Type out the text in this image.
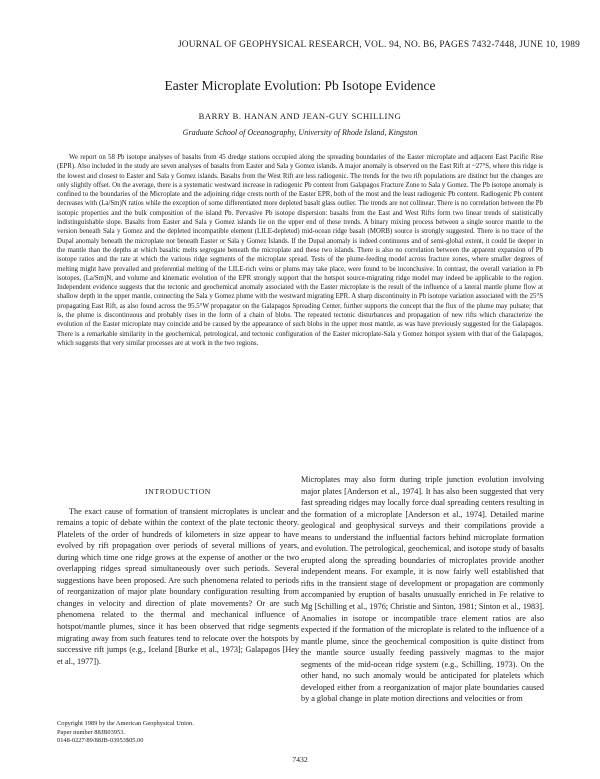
JOURNAL OF GEOPHYSICAL RESEARCH, VOL. 94, NO. B6, PAGES 7432-7448, JUNE 10, 1989
Easter Microplate Evolution: Pb Isotope Evidence
BARRY B. HANAN AND JEAN-GUY SCHILLING
Graduate School of Oceanography, University of Rhode Island, Kingston

We report on 58 Pb isotope analyses of basalts from 45 dredge stations occupied along the spreading boundaries of the Easter microplate and adjacent East Pacific Rise (EPR). Also included in the study are seven analyses of basalts from Easter and Sala y Gomez islands. A major anomaly is observed on the East Rift at ~27°S, where this ridge is the lowest and closest to Easter and Sala y Gomez islands. Basalts from the West Rift are less radiogenic. The trends for the two rift populations are distinct but the changes are only slightly offset. On the average, there is a systematic westward increase in radiogenic Pb content from Galapagos Fracture Zone to Sala y Gomez. The Pb isotope anomaly is confined to the boundaries of the Microplate and the adjoining ridge crests north of the Easter EPR, both of the most and the least radiogenic Pb content. Radiogenic Pb content decreases with (La/Sm)N ratios while the exception of some differentiated more depleted basalt glass outlier. The trends are not collinear. There is no correlation between the Pb isotopic properties and the bulk composition of the island Pb. Pervasive Pb isotope dispersion: basalts from the East and West Rifts form two linear trends of statistically indistinguishable slope. Basalts from Easter and Sala y Gomez islands lie on the upper end of these trends. A binary mixing process between a single source mantle to the version beneath Sala y Gomez and the depleted incompatible element (LILE-depleted) mid-ocean ridge basalt (MORB) source is strongly suggested. There is no trace of the Dupal anomaly beneath the microplate nor beneath Easter or Sala y Gomez Islands. If the Dupal anomaly is indeed continuous and of semi-global extent, it could lie deeper in the mantle than the depths at which basaltic melts segregate beneath the microplate and these two islands. There is also no correlation between the apparent expansion of Pb isotope ratios and the rate at which the various ridge segments of the microplate spread. Tests of the plume-feeding model across fracture zones, where smaller degrees of melting might have prevailed and preferential melting of the LILE-rich veins or plums may take place, were found to be inconclusive. In contrast, the overall variation in Pb isotopes, (La/Sm)N, and volume and kinematic evolution of the EPR strongly support that the hotspot source-migrating ridge model may indeed be applicable to the region. Independent evidence suggests that the tectonic and geochemical anomaly associated with the Easter microplate is the result of the influence of a lateral mantle plume flow at shallow depth in the upper mantle, connecting the Sala y Gomez plume with the westward migrating EPR. A sharp discontinuity in Pb isotope variation associated with the 25°S propagating East Rift, as also found across the 95.5°W propagator on the Galapagos Spreading Center, further supports the concept that the flux of the plume may pulsate; that is, the plume is discontinuous and probably rises in the form of a chain of blobs. The repeated tectonic disturbances and propagation of new rifts which characterize the evolution of the Easter microplate may coincide and be caused by the appearance of such blobs in the upper most mantle, as was have previously suggested for the Galapagos. There is a remarkable similarity in the geochemical, petrological, and tectonic configuration of the Easter microplate-Sala y Gomez hotspot system with that of the Galapagos, which suggests that very similar processes are at work in the two regions.

INTRODUCTION

The exact cause of formation of transient microplates is unclear and remains a topic of debate within the context of the plate tectonic theory. Platelets of the order of hundreds of kilometers in size appear to have evolved by rift propagation over periods of several millions of years, during which time one ridge grows at the expense of another or the two overlapping ridges spread simultaneously over such periods. Several suggestions have been proposed. Are such phenomena related to periods of reorganization of major plate boundary configuration resulting from changes in velocity and direction of plate movements? Or are such phenomena related to the thermal and mechanical influence of hotspot/mantle plumes, since it has been observed that ridge segments migrating away from such features tend to relocate over the hotspots by successive rift jumps (e.g., Iceland [Burke et al., 1973]; Galapagos [Hey et al., 1977]).

Microplates may also form during triple junction evolution involving major plates [Anderson et al., 1974]. It has also been suggested that very fast spreading ridges may locally force dual spreading centers resulting in the formation of a microplate [Anderson et al., 1974]. Detailed marine geological and geophysical surveys and their compilations provide a means to understand the influential factors behind microplate formation and evolution. The petrological, geochemical, and isotope study of basalts erupted along the spreading boundaries of microplates provide another independent means. For example, it is now fairly well established that rifts in the transient stage of development or propagation are commonly accompanied by eruption of basalts unusually enriched in Fe relative to Mg [Schilling et al., 1976; Christie and Sinton, 1981; Sinton et al., 1983]. Anomalies in isotope or incompatible trace element ratios are also expected if the formation of the microplate is related to the influence of a mantle plume, since the geochemical composition is quite distinct from the mantle source usually feeding passively magmas to the major segments of the mid-ocean ridge system (e.g., Schilling, 1973). On the other hand, no such anomaly would be anticipated for platelets which developed either from a reorganization of major plate boundaries caused by a global change in plate motion directions and velocities or from

Copyright 1989 by the American Geophysical Union.
Paper number 88JB03953.
0148-0227/89/88JB-03953$05.00
7432
